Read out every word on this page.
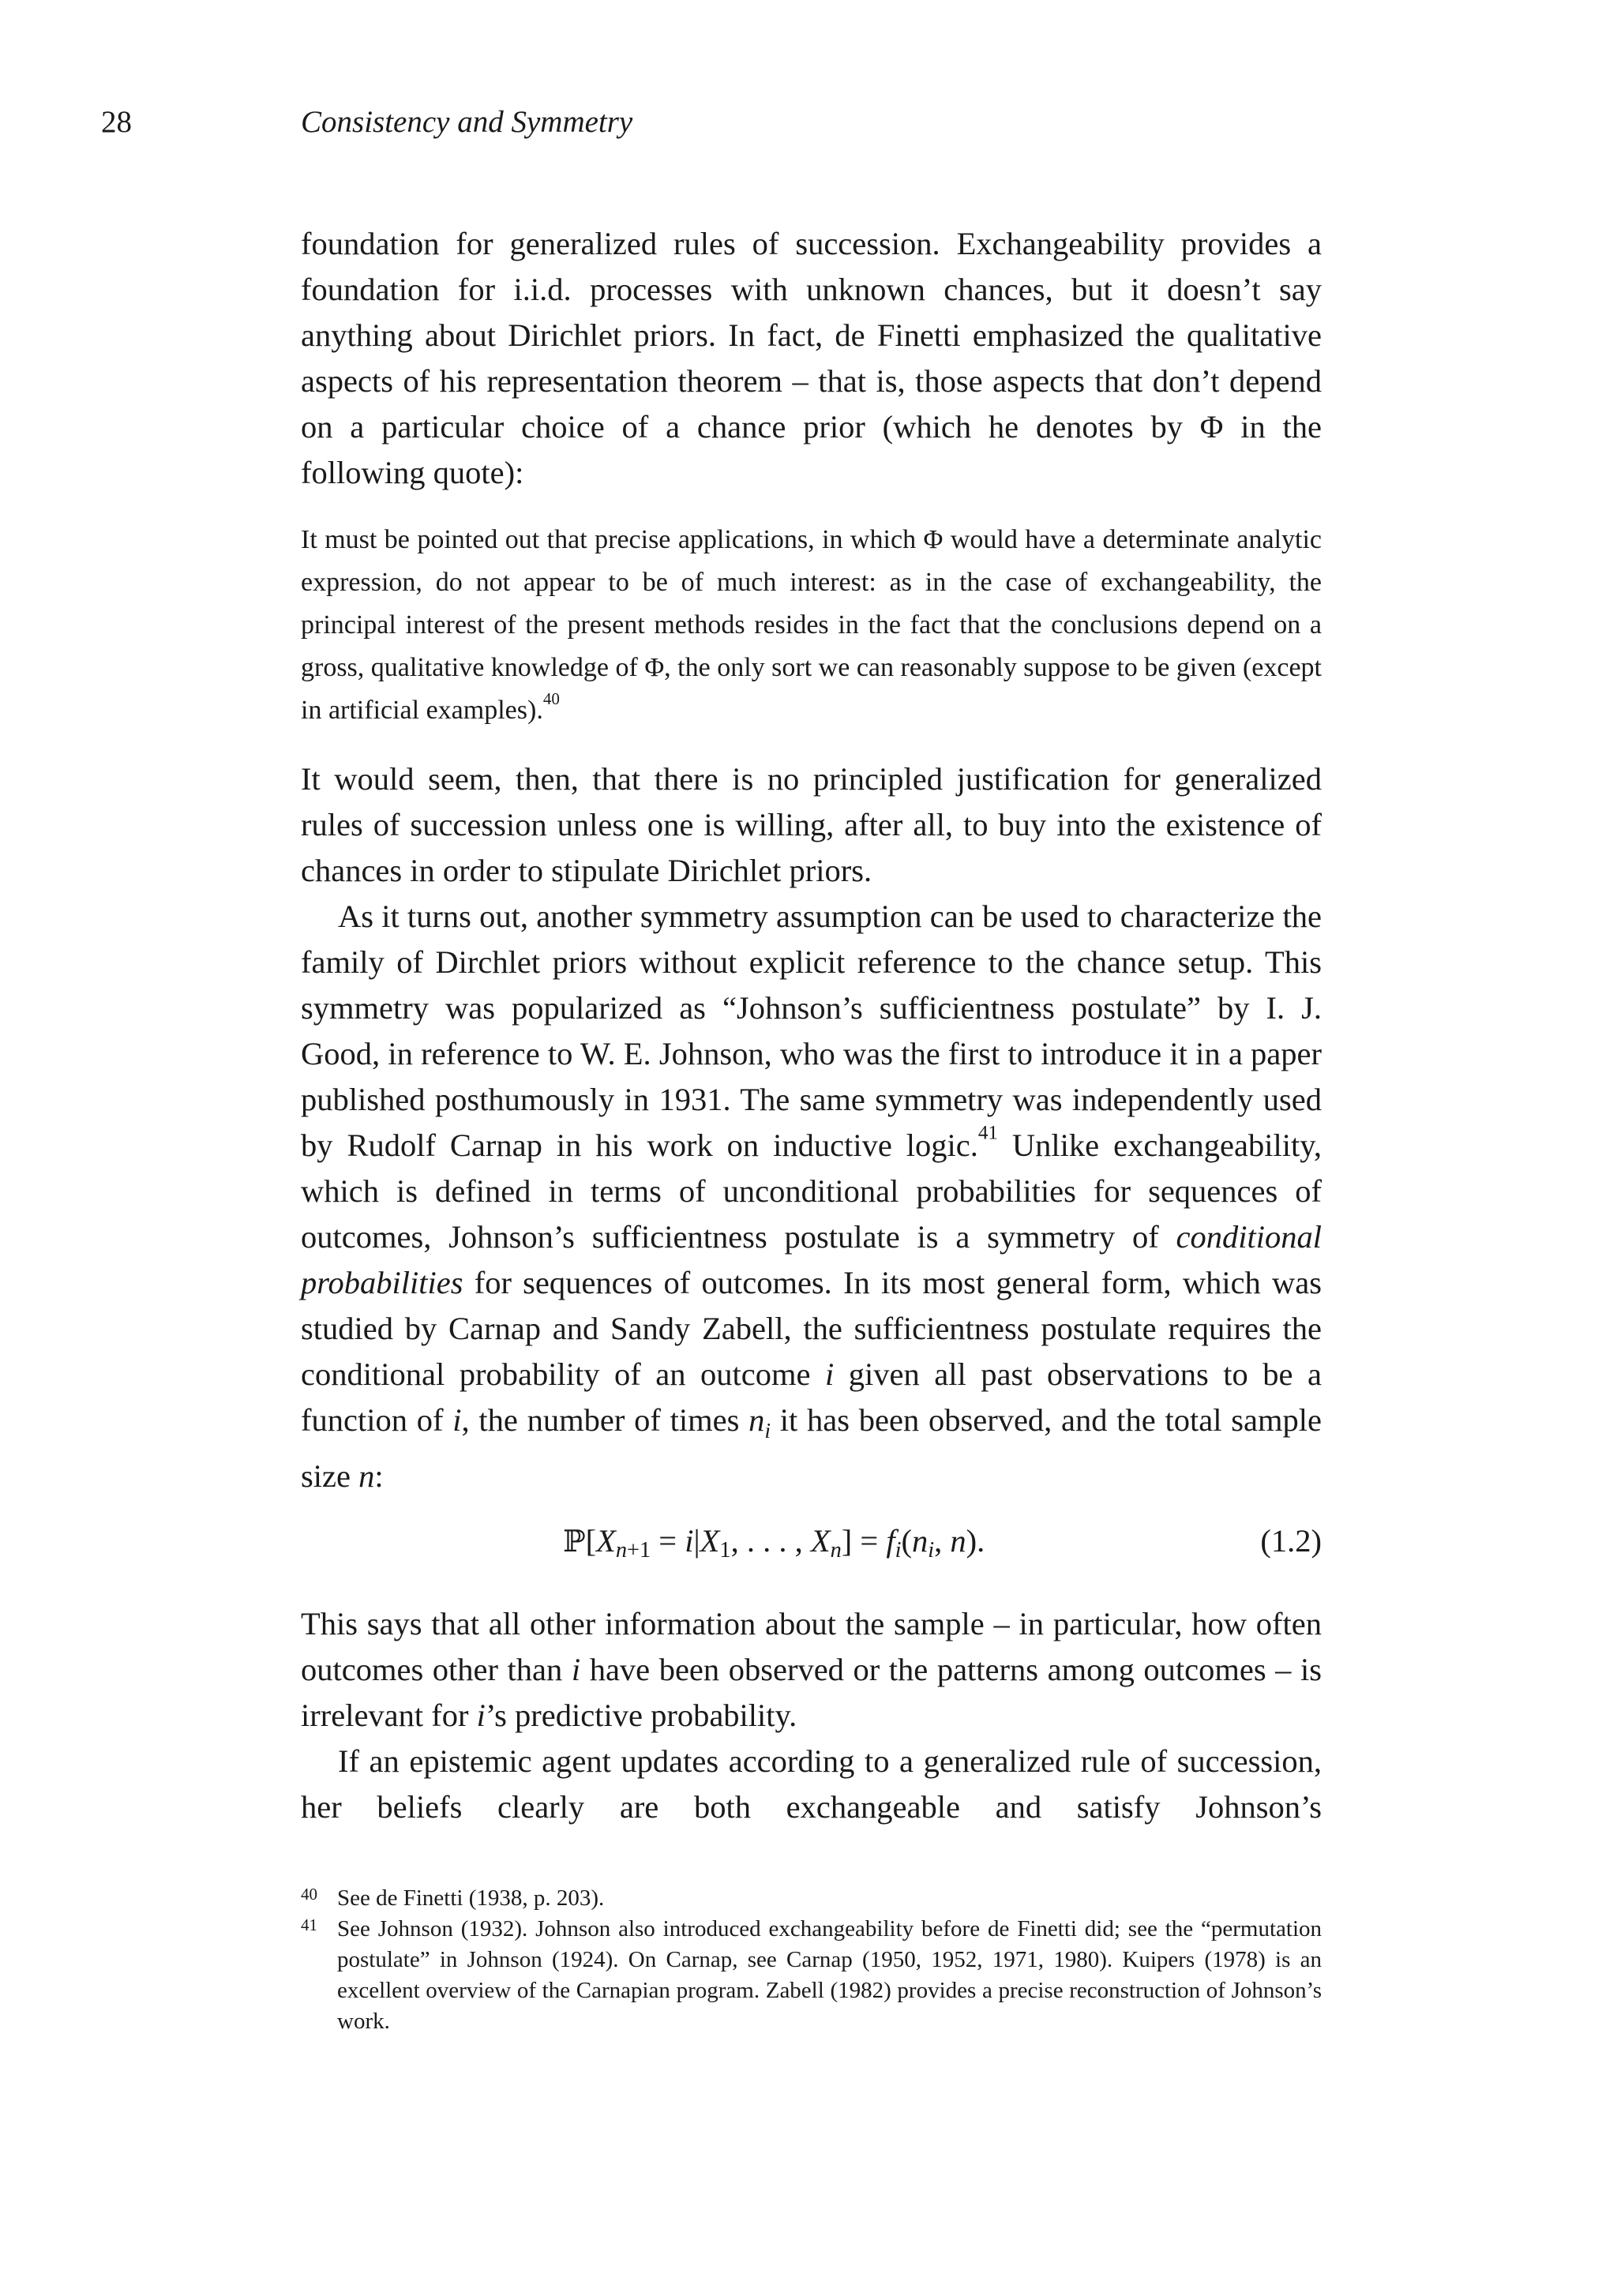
28	Consistency and Symmetry

foundation for generalized rules of succession. Exchangeability provides a foundation for i.i.d. processes with unknown chances, but it doesn’t say anything about Dirichlet priors. In fact, de Finetti emphasized the qualitative aspects of his representation theorem – that is, those aspects that don’t depend on a particular choice of a chance prior (which he denotes by Φ in the following quote):

It must be pointed out that precise applications, in which Φ would have a determinate analytic expression, do not appear to be of much interest: as in the case of exchangeability, the principal interest of the present methods resides in the fact that the conclusions depend on a gross, qualitative knowledge of Φ, the only sort we can reasonably suppose to be given (except in artificial examples).$^{40}$

It would seem, then, that there is no principled justification for generalized rules of succession unless one is willing, after all, to buy into the existence of chances in order to stipulate Dirichlet priors.

As it turns out, another symmetry assumption can be used to characterize the family of Dirchlet priors without explicit reference to the chance setup. This symmetry was popularized as “Johnson’s sufficientness postulate” by I. J. Good, in reference to W. E. Johnson, who was the first to introduce it in a paper published posthumously in 1931. The same symmetry was independently used by Rudolf Carnap in his work on inductive logic.$^{41}$ Unlike exchangeability, which is defined in terms of unconditional probabilities for sequences of outcomes, Johnson’s sufficientness postulate is a symmetry of conditional probabilities for sequences of outcomes. In its most general form, which was studied by Carnap and Sandy Zabell, the sufficientness postulate requires the conditional probability of an outcome i given all past observations to be a function of i, the number of times $n_i$ it has been observed, and the total sample size n:

$ℙ[X_{n+1} = i|X_1$, . . . , $X_n] = f_i(n_i$, n).	(1.2)

This says that all other information about the sample – in particular, how often outcomes other than i have been observed or the patterns among outcomes – is irrelevant for i’s predictive probability.

If an epistemic agent updates according to a generalized rule of succession, her beliefs clearly are both exchangeable and satisfy Johnson’s

40 See de Finetti (1938, p. 203).
41 See Johnson (1932). Johnson also introduced exchangeability before de Finetti did; see the “permutation postulate” in Johnson (1924). On Carnap, see Carnap (1950, 1952, 1971, 1980). Kuipers (1978) is an excellent overview of the Carnapian program. Zabell (1982) provides a precise reconstruction of Johnson’s work.
